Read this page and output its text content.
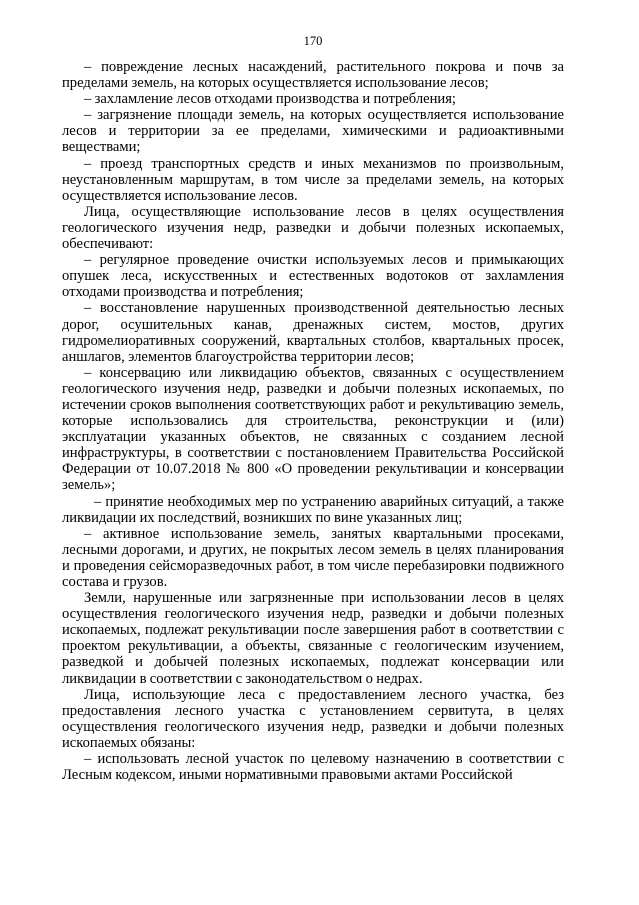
170

– повреждение лесных насаждений, растительного покрова и почв за пределами земель, на которых осуществляется использование лесов;

– захламление лесов отходами производства и потребления;

– загрязнение площади земель, на которых осуществляется использование лесов и территории за ее пределами, химическими и радиоактивными веществами;

– проезд транспортных средств и иных механизмов по произвольным, неустановленным маршрутам, в том числе за пределами земель, на которых осуществляется использование лесов.

Лица, осуществляющие использование лесов в целях осуществления геологического изучения недр, разведки и добычи полезных ископаемых, обеспечивают:

– регулярное проведение очистки используемых лесов и примыкающих опушек леса, искусственных и естественных водотоков от захламления отходами производства и потребления;

– восстановление нарушенных производственной деятельностью лесных дорог, осушительных канав, дренажных систем, мостов, других гидромелиоративных сооружений, квартальных столбов, квартальных просек, аншлагов, элементов благоустройства территории лесов;

– консервацию или ликвидацию объектов, связанных с осуществлением геологического изучения недр, разведки и добычи полезных ископаемых, по истечении сроков выполнения соответствующих работ и рекультивацию земель, которые использовались для строительства, реконструкции и (или) эксплуатации указанных объектов, не связанных с созданием лесной инфраструктуры, в соответствии с постановлением Правительства Российской Федерации от 10.07.2018 № 800 «О проведении рекультивации и консервации земель»;

– принятие необходимых мер по устранению аварийных ситуаций, а также ликвидации их последствий, возникших по вине указанных лиц;

– активное использование земель, занятых квартальными просеками, лесными дорогами, и других, не покрытых лесом земель в целях планирования и проведения сейсморазведочных работ, в том числе перебазировки подвижного состава и грузов.

Земли, нарушенные или загрязненные при использовании лесов в целях осуществления геологического изучения недр, разведки и добычи полезных ископаемых, подлежат рекультивации после завершения работ в соответствии с проектом рекультивации, а объекты, связанные с геологическим изучением, разведкой и добычей полезных ископаемых, подлежат консервации или ликвидации в соответствии с законодательством о недрах.

Лица, использующие леса с предоставлением лесного участка, без предоставления лесного участка с установлением сервитута, в целях осуществления геологического изучения недр, разведки и добычи полезных ископаемых обязаны:

– использовать лесной участок по целевому назначению в соответствии с Лесным кодексом, иными нормативными правовыми актами Российской
